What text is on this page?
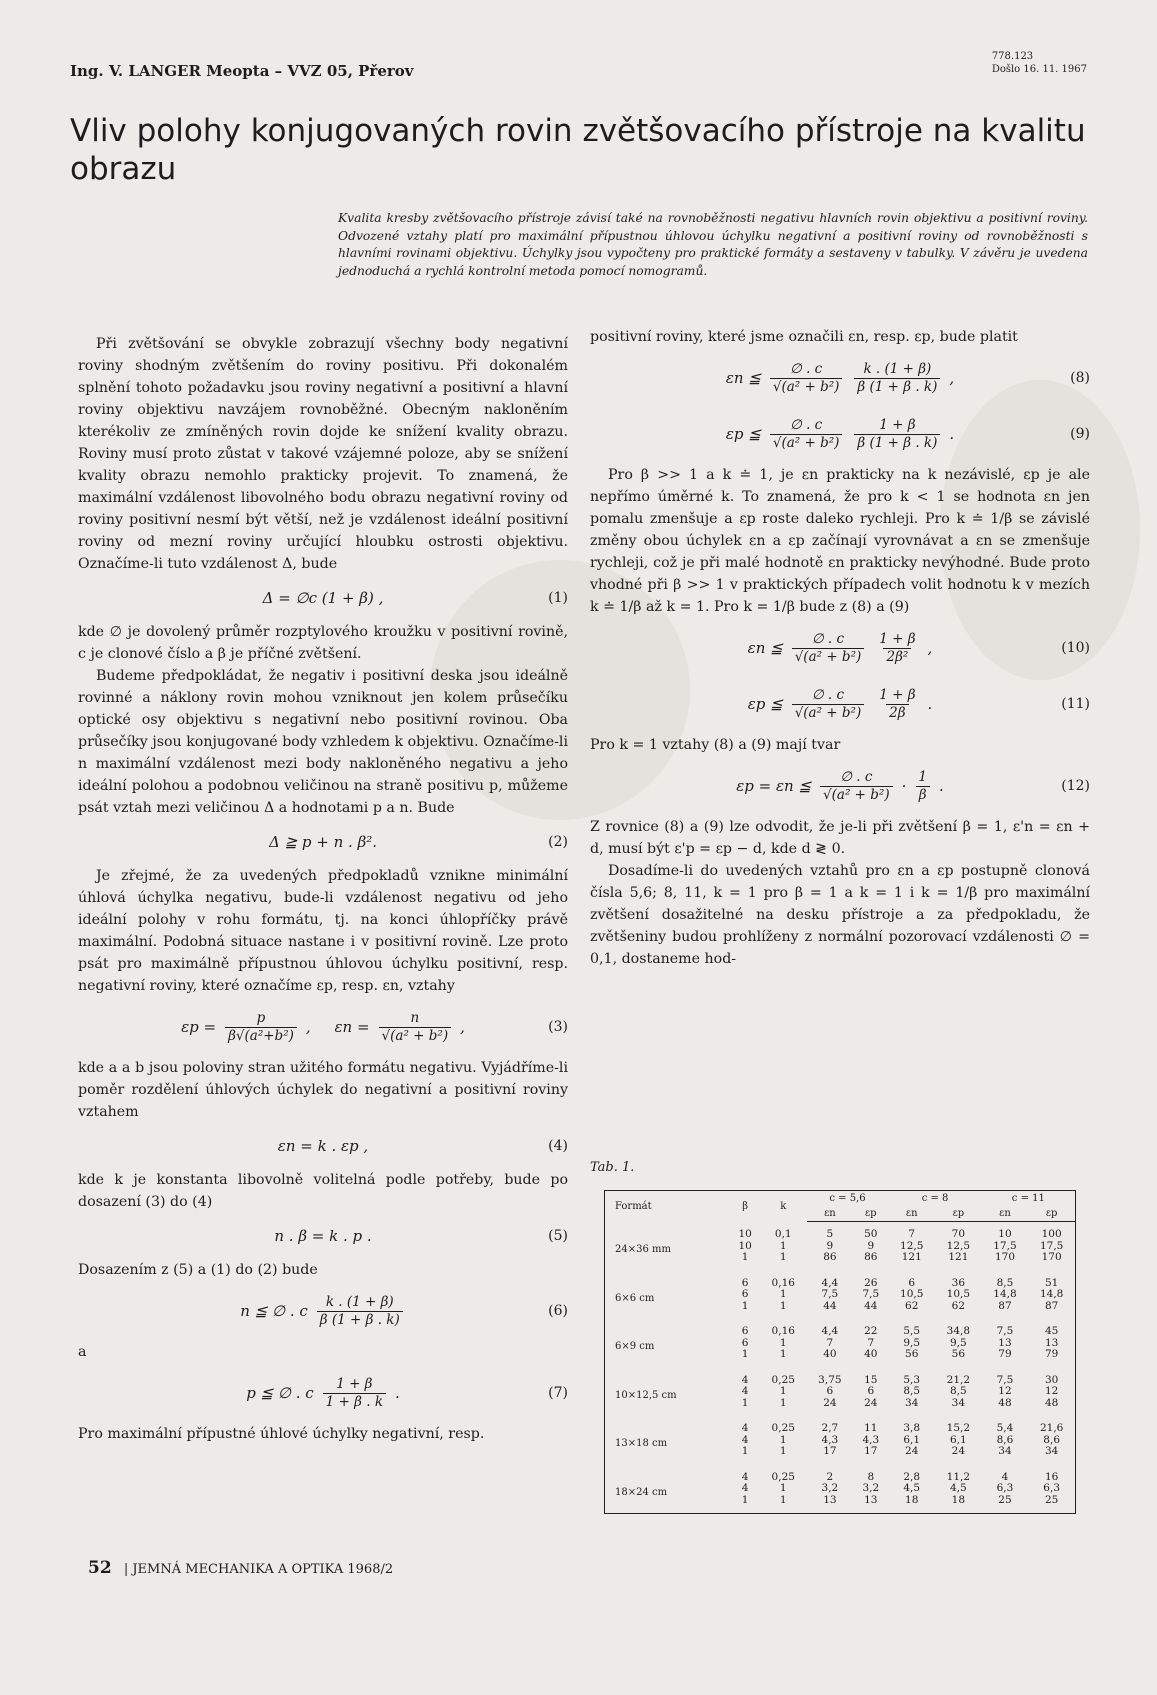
Ing. V. LANGER Meopta – VVZ 05, Přerov
778.123
Došlo 16. 11. 1967
Vliv polohy konjugovaných rovin zvětšovacího přístroje na kvalitu obrazu
Kvalita kresby zvětšovacího přístroje závisí také na rovnoběžnosti negativu hlavních rovin objektivu a positivní roviny. Odvozené vztahy platí pro maximální přípustnou úhlovou úchylku negativní a positivní roviny od rovnoběžnosti s hlavními rovinami objektivu. Úchylky jsou vypočteny pro praktické formáty a sestaveny v tabulky. V závěru je uvedena jednoduchá a rychlá kontrolní metoda pomocí nomogramů.

Při zvětšování se obvykle zobrazují všechny body negativní roviny shodným zvětšením do roviny positivu. Při dokonalém splnění tohoto požadavku jsou roviny negativní a positivní a hlavní roviny objektivu navzájem rovnoběžné. Obecným nakloněním kterékoliv ze zmíněných rovin dojde ke snížení kvality obrazu. Roviny musí proto zůstat v takové vzájemné poloze, aby se snížení kvality obrazu nemohlo prakticky projevit. To znamená, že maximální vzdálenost libovolného bodu obrazu negativní roviny od roviny positivní nesmí být větší, než je vzdálenost ideální positivní roviny od mezní roviny určující hloubku ostrosti objektivu. Označíme-li tuto vzdálenost Δ, bude

Δ = ∅c (1 + β) ,	(1)

kde ∅ je dovolený průměr rozptylového kroužku v positivní rovině, c je clonové číslo a β je příčné zvětšení.

Budeme předpokládat, že negativ i positivní deska jsou ideálně rovinné a náklony rovin mohou vzniknout jen kolem průsečíku optické osy objektivu s negativní nebo positivní rovinou. Oba průsečíky jsou konjugované body vzhledem k objektivu. Označíme-li n maximální vzdálenost mezi body nakloněného negativu a jeho ideální polohou a podobnou veličinou na straně positivu p, můžeme psát vztah mezi veličinou Δ a hodnotami p a n. Bude

Δ ≧ p + n . β².	(2)

Je zřejmé, že za uvedených předpokladů vznikne minimální úhlová úchylka negativu, bude-li vzdálenost negativu od jeho ideální polohy v rohu formátu, tj. na konci úhlopříčky právě maximální. Podobná situace nastane i v positivní rovině. Lze proto psát pro maximálně přípustnou úhlovou úchylku positivní, resp. negativní roviny, které označíme εp, resp. εn, vztahy

$\varepsilon p = \frac{p}{\text{β√(a²+b²)}}$ ,     $\varepsilon n = \frac{n}{\text{√(a² + b²)}}$ ,	(3)

kde a a b jsou poloviny stran užitého formátu negativu. Vyjádříme-li poměr rozdělení úhlových úchylek do negativní a positivní roviny vztahem

εn = k . εp ,	(4)

kde k je konstanta libovolně volitelná podle potřeby, bude po dosazení (3) do (4)

n . β = k . p .	(5)

Dosazením z (5) a (1) do (2) bude

n ≦ ∅ . c $\frac{k . (1 + \beta)}{\beta (1 + \beta . k)}$	(6)

a

p ≦ ∅ . c $\frac{1 + \beta}{1 + \beta . k}$ .	(7)

Pro maximální přípustné úhlové úchylky negativní, resp.

positivní roviny, které jsme označili εn, resp. εp, bude platit

εn ≦ $\frac{\emptyset . c}{\text{√(a² + b²)}} \frac{k . (1 + \beta)}{\beta (1 + \beta . k)}$ ,	(8)
εp ≦ $\frac{\emptyset . c}{\text{√(a² + b²)}} \frac{1 + \beta}{\beta (1 + \beta . k)}$ .	(9)

Pro β >> 1 a k ≐ 1, je εn prakticky na k nezávislé, εp je ale nepřímo úměrné k. To znamená, že pro k < 1 se hodnota εn jen pomalu zmenšuje a εp roste daleko rychleji. Pro k ≐ 1/β se závislé změny obou úchylek εn a εp začínají vyrovnávat a εn se zmenšuje rychleji, což je při malé hodnotě εn prakticky nevýhodné. Bude proto vhodné při β >> 1 v praktických případech volit hodnotu k v mezích k ≐ 1/β až k = 1. Pro k = 1/β bude z (8) a (9)

εn ≦ $\frac{\emptyset . c}{\text{√(a² + b²)}} \frac{1 + \beta}{\text{2β²}}$ ,	(10)
εp ≦ $\frac{\emptyset . c}{\text{√(a² + b²)}} \frac{1 + \beta}{2\beta}$ .	(11)

Pro k = 1 vztahy (8) a (9) mají tvar

εp = εn ≦ $\frac{\emptyset . c}{\text{√(a² + b²)}} \cdot \frac{1}{\beta}$ .	(12)

Z rovnice (8) a (9) lze odvodit, že je-li při zvětšení β = 1, ε'n = εn + d, musí být ε'p = εp − d, kde d ≷ 0.

Dosadíme-li do uvedených vztahů pro εn a εp postupně clonová čísla 5,6; 8, 11, k = 1 pro β = 1 a k = 1 i k = 1/β pro maximální zvětšení dosažitelné na desku přístroje a za předpokladu, že zvětšeniny budou prohlíženy z normální pozorovací vzdálenosti ∅ = 0,1, dostaneme hod-

Tab. 1.
Formát	β	k	c = 5,6		c = 8		c = 11	
			εn	εp	εn	εp	εn	εp
24×36 mm	10	0,1	5	50	7	70	10	100
	10	1	9	9	12,5	12,5	17,5	17,5
	1	1	86	86	121	121	170	170
6×6 cm	6	0,16	4,4	26	6	36	8,5	51
	6	1	7,5	7,5	10,5	10,5	14,8	14,8
	1	1	44	44	62	62	87	87
6×9 cm	6	0,16	4,4	22	5,5	34,8	7,5	45
	6	1	7	7	9,5	9,5	13	13
	1	1	40	40	56	56	79	79
10×12,5 cm	4	0,25	3,75	15	5,3	21,2	7,5	30
	4	1	6	6	8,5	8,5	12	12
	1	1	24	24	34	34	48	48
13×18 cm	4	0,25	2,7	11	3,8	15,2	5,4	21,6
	4	1	4,3	4,3	6,1	6,1	8,6	8,6
	1	1	17	17	24	24	34	34
18×24 cm	4	0,25	2	8	2,8	11,2	4	16
	4	1	3,2	3,2	4,5	4,5	6,3	6,3
	1	1	13	13	18	18	25	25
52 | JEMNÁ MECHANIKA A OPTIKA 1968/2
